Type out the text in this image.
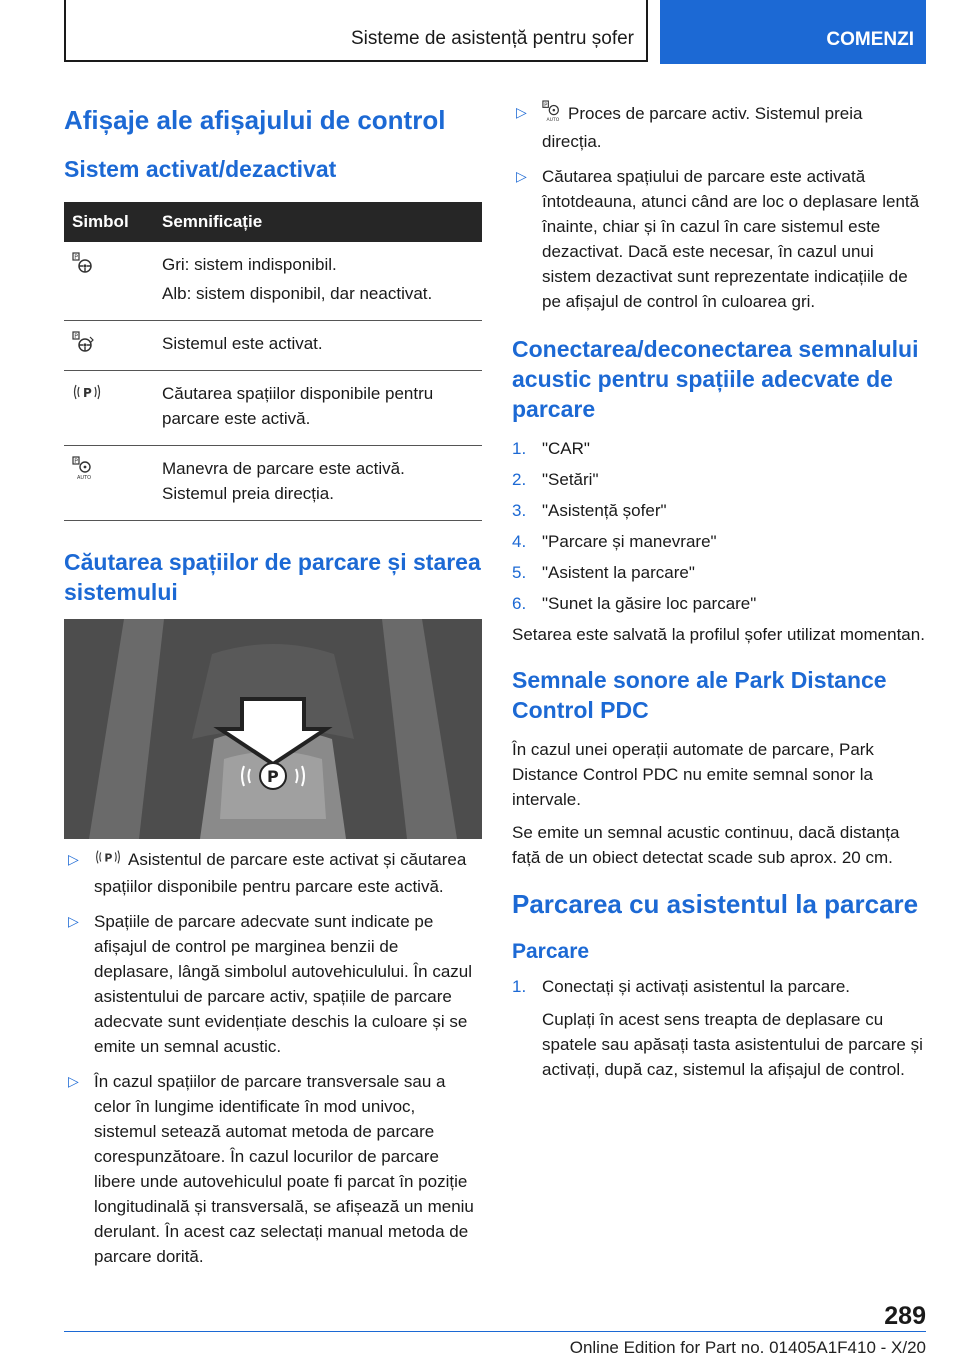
Sisteme de asistență pentru șofer	COMENZI
Afișaje ale afișajului de control
Sistem activat/dezactivat
Simbol	Semnificație

P	Gri: sistem indisponibil.

Alb: sistem disponibil, dar neactivat.

P	Sistemul este activat.

P	Căutarea spațiilor disponibile pentru parcare este activă.

P
AUTO	Manevra de parcare este activă. Sistemul preia direcția.

Căutarea spațiilor de parcare și starea sistemului
P
▷ P Asistentul de parcare este activat și căutarea spațiilor disponibile pentru parcare este activă.
▷ Spațiile de parcare adecvate sunt indicate pe afișajul de control pe marginea benzii de deplasare, lângă simbolul autovehiculului. În cazul asistentului de parcare activ, spațiile de parcare adecvate sunt evidențiate deschis la culoare și se emite un semnal acustic.
▷ În cazul spațiilor de parcare transversale sau a celor în lungime identificate în mod univoc, sistemul setează automat metoda de parcare corespunzătoare. În cazul locurilor de parcare libere unde autovehiculul poate fi parcat în poziție longitudinală și transversală, se afișează un meniu derulant. În acest caz selectați manual metoda de parcare dorită.
▷	P
AUTO Proces de parcare activ. Sistemul preia direcția.
▷ Căutarea spațiului de parcare este activată întotdeauna, atunci când are loc o deplasare lentă înainte, chiar și în cazul în care sistemul este dezactivat. Dacă este necesar, în cazul unui sistem dezactivat sunt reprezentate indicațiile de pe afișajul de control în culoarea gri.
Conectarea/deconectarea semnalului acustic pentru spațiile adecvate de parcare
1. "CAR"
2. "Setări"
3. "Asistență șofer"
4. "Parcare și manevrare"
5. "Asistent la parcare"
6. "Sunet la găsire loc parcare"

Setarea este salvată la profilul șofer utilizat momentan.

Semnale sonore ale Park Distance Control PDC

În cazul unei operații automate de parcare, Park Distance Control PDC nu emite semnal sonor la intervale.

Se emite un semnal acustic continuu, dacă distanța față de un obiect detectat scade sub aprox. 20 cm.

Parcarea cu asistentul la parcare
Parcare
1. Conectați și activați asistentul la parcare.

Cuplați în acest sens treapta de deplasare cu spatele sau apăsați tasta asistentului de parcare și activați, după caz, sistemul la afișajul de control.

289
Online Edition for Part no. 01405A1F410 - X/20
